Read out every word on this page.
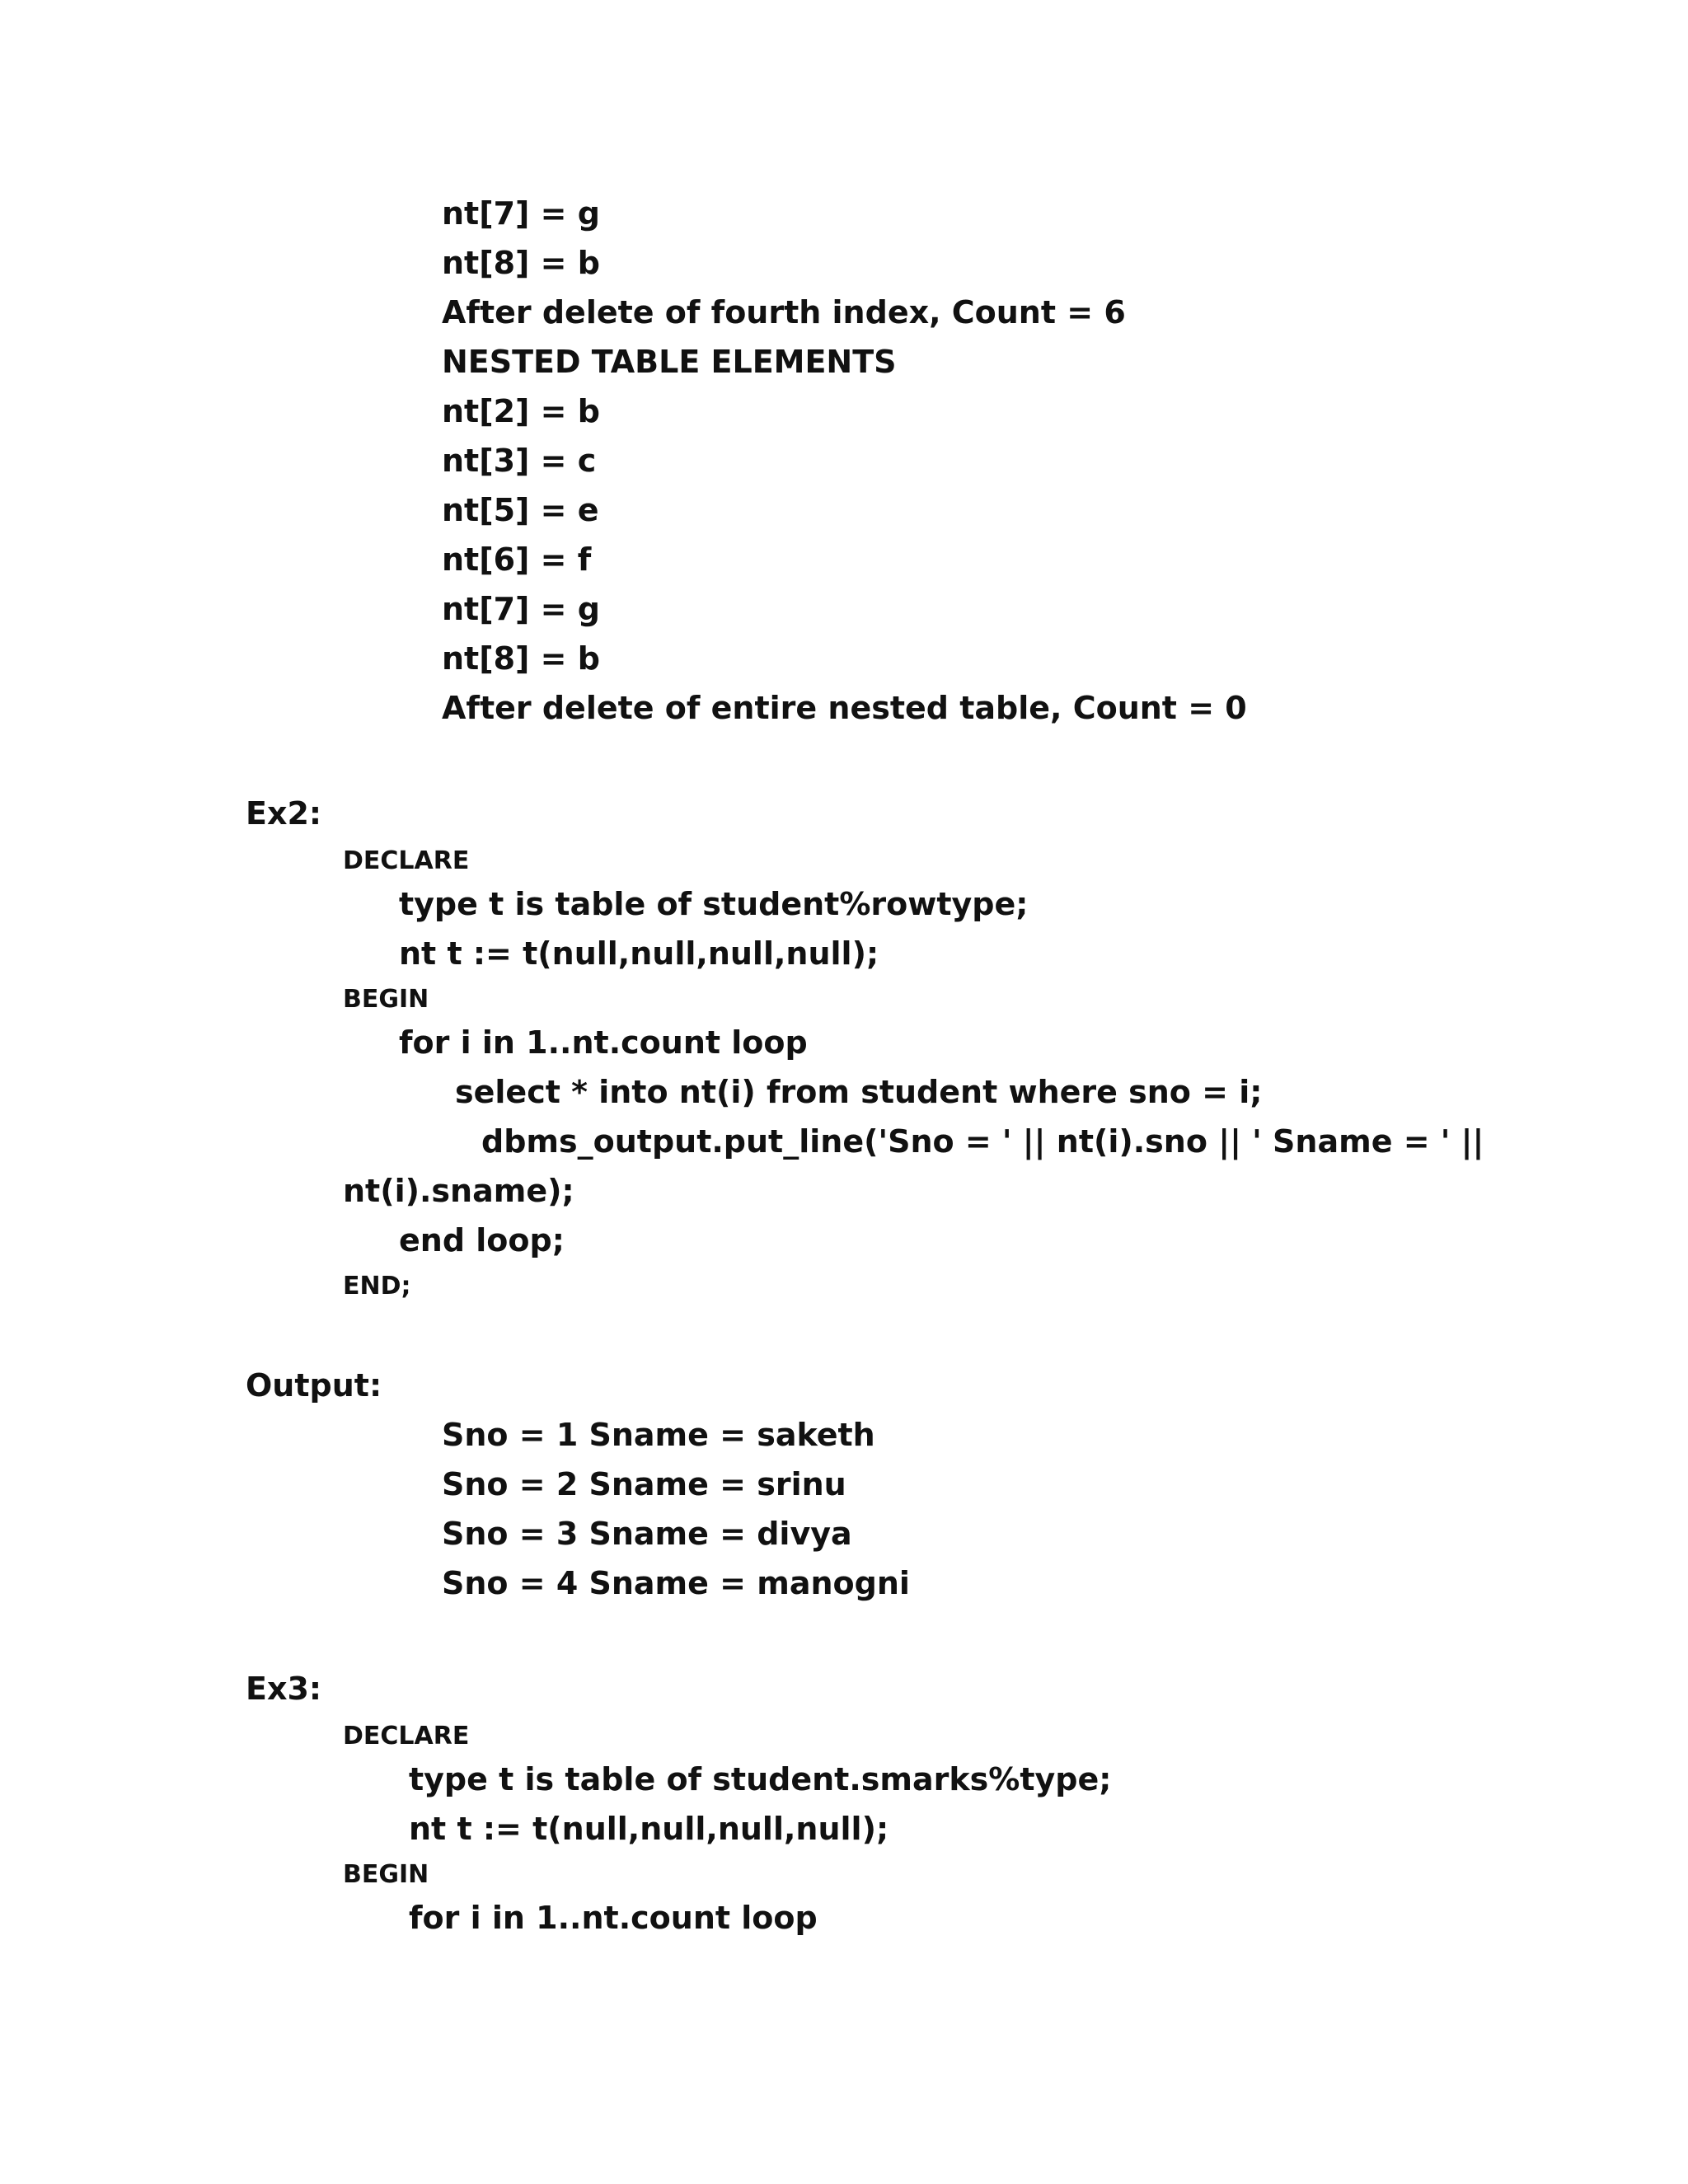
nt[7] = g
nt[8] = b
After delete of fourth index, Count = 6
NESTED TABLE ELEMENTS
nt[2] = b
nt[3] = c
nt[5] = e
nt[6] = f
nt[7] = g
nt[8] = b
After delete of entire nested table, Count = 0
Ex2:
DECLARE
type t is table of student%rowtype;
nt t := t(null,null,null,null);
BEGIN
for i in 1..nt.count loop
select * into nt(i) from student where sno = i;
dbms_output.put_line('Sno = ' || nt(i).sno || ' Sname = ' ||
nt(i).sname);
end loop;
END;
Output:
Sno = 1 Sname = saketh
Sno = 2 Sname = srinu
Sno = 3 Sname = divya
Sno = 4 Sname = manogni
Ex3:
DECLARE
type t is table of student.smarks%type;
nt t := t(null,null,null,null);
BEGIN
for i in 1..nt.count loop
